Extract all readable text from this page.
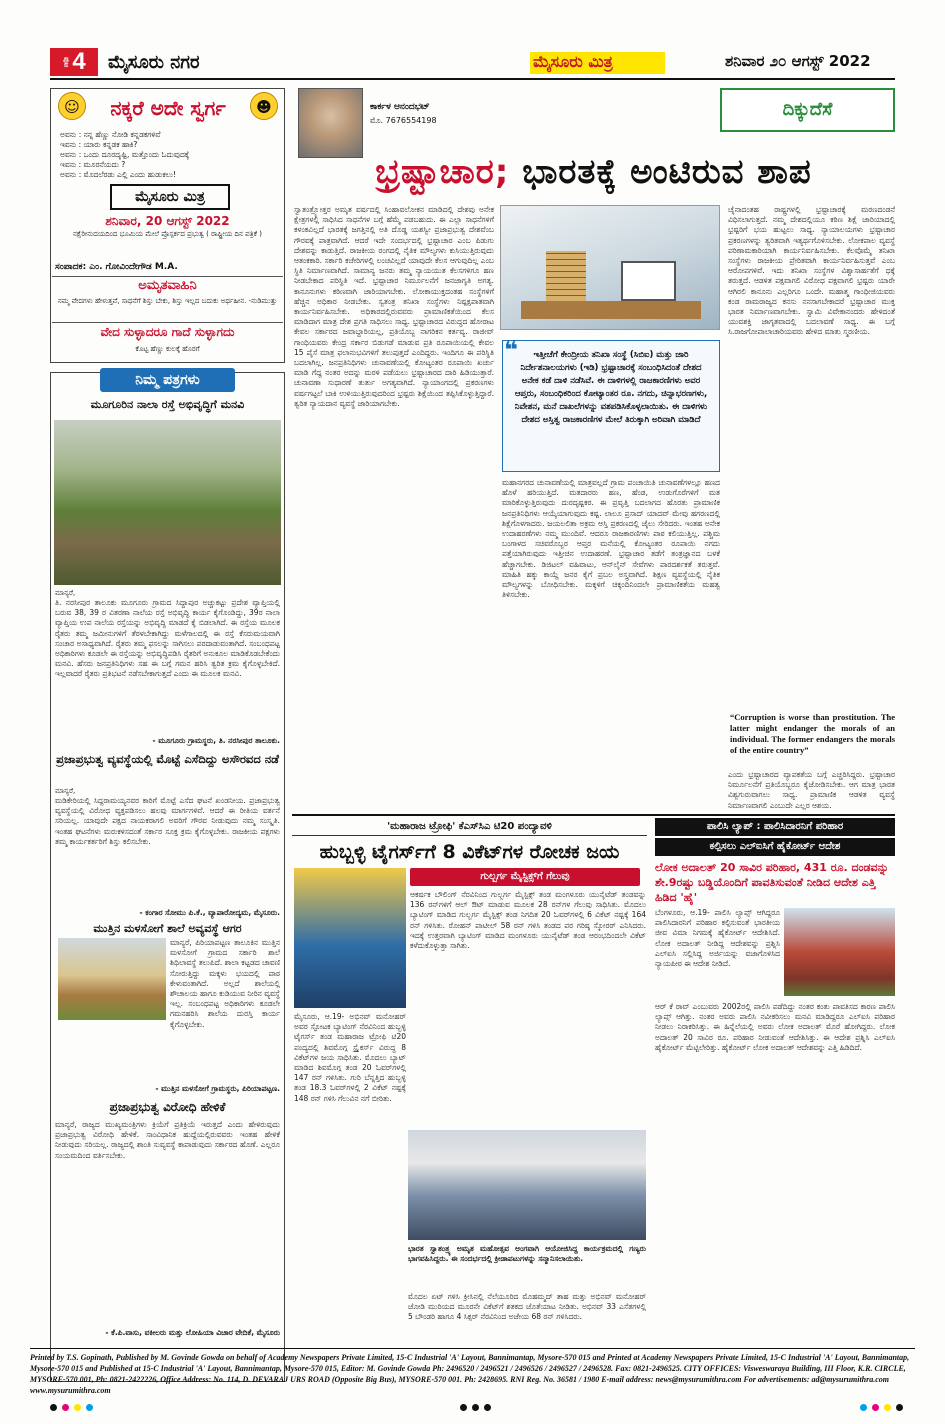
ಪುಟ 4 ಮೈಸೂರು ನಗರ	ಮೈಸೂರು ಮಿತ್ರ	ಶನಿವಾರ ೨೦ ಆಗಸ್ಟ್ 2022
☺	☻
ನಕ್ಕರೆ ಅದೇ ಸ್ವರ್ಗ
ಅವನು : ನನ್ನ ಹೆಣ್ಣು ನೋಡಿ ಕನ್ನಡಕಗಳಿವೆ
ಇವನು : ಯಾರು ಕನ್ನಡಕ ಹಾಕಿ?
ಅವನು : ಒಂದು ದೂರದೃಷ್ಟಿ, ಮತ್ತೊಂದು ಓದುವುದಕ್ಕೆ
ಇವನು : ಮೂರನೆಯದು ?
ಅವನು : ಮೊದಲೆರಡು ಎಲ್ಲಿ ಎಂದು ಹುಡುಕಲು!
ಮೈಸೂರು ಮಿತ್ರ
ಶನಿವಾರ, 20 ಆಗಸ್ಟ್ 2022
ನಕ್ಷೆರೀನುದಯದಿಂದ ಭೂಮಿಯ ಮೇಲೆ ಪ್ರೊಸ್ಪರ್ಕದ ಪ್ರಭುತ್ವ ( ರಾಷ್ಟ್ರೀಯ ದಿನ ಪತ್ರಿಕೆ )
ಸಂಪಾದಕ: ಎಂ. ಗೋವಿಂದೇಗೌಡ M.A.
ಅಮೃತವಾಹಿನಿ
ನಮ್ಮ ವೇದಗಳು ಹೇಳುತ್ತವೆ, ಸಾಧನೆಗೆ ಶಿಸ್ತು ಬೇಕು, ಶಿಸ್ತು ಇಲ್ಲದ ಬದುಕು ಅರ್ಥಹೀನ. -ನುಡಿಮುತ್ತು
ವೇದ ಸುಳ್ಳಾದರೂ ಗಾದೆ ಸುಳ್ಳಾಗದು
ಕೊಟ್ಟ ಹೆಣ್ಣು ಕುಲಕ್ಕೆ ಹೊರಗೆ
ನಿಮ್ಮ ಪತ್ರಗಳು
ಮೂಗೂರಿನ ನಾಲಾ ರಸ್ತೆ ಅಭಿವೃದ್ಧಿಗೆ ಮನವಿ
ಮಾನ್ಯರೆ,
ತಿ. ನರಸೀಪುರ ತಾಲೂಕು ಮೂಗೂರು ಗ್ರಾಮದ ಸಿದ್ದಾಪುರ ಅಚ್ಚುಕಟ್ಟು ಪ್ರದೇಶ ವ್ಯಾಪ್ತಿಯಲ್ಲಿ ಬರುವ 38, 39 ರ ವಿತರಣಾ ನಾಲೆಯ ರಸ್ತೆ ಅಭಿವೃದ್ಧಿ ಕಾರ್ಯ ಕೈಗೊಂಡಿದ್ದು, 39ರ ನಾಲಾ ವ್ಯಾಪ್ತಿಯ ಉಪ ನಾಲೆಯ ರಸ್ತೆಯನ್ನು ಅಭಿವೃದ್ಧಿ ಮಾಡದೆ ಕೈ ಬಿಡಲಾಗಿದೆ. ಈ ರಸ್ತೆಯ ಮೂಲಕ ರೈತರು ತಮ್ಮ ಜಮೀನುಗಳಿಗೆ ತೆರಳಬೇಕಾಗಿದ್ದು ಮಳೆಗಾಲದಲ್ಲಿ ಈ ರಸ್ತೆ ಕೆಸರುಮಯವಾಗಿ ಸಂಚಾರ ಅಸಾಧ್ಯವಾಗಿದೆ. ರೈತರು ತಮ್ಮ ಫಸಲನ್ನು ಸಾಗಿಸಲು ಪರದಾಡುವಂತಾಗಿದೆ. ಸಂಬಂಧಪಟ್ಟ ಅಧಿಕಾರಿಗಳು ಕೂಡಲೇ ಈ ರಸ್ತೆಯನ್ನು ಅಭಿವೃದ್ಧಿಪಡಿಸಿ ರೈತರಿಗೆ ಅನುಕೂಲ ಮಾಡಿಕೊಡಬೇಕೆಂದು ಮನವಿ. ಹೆಸರು ಜನಪ್ರತಿನಿಧಿಗಳು ಸಹ ಈ ಬಗ್ಗೆ ಗಮನ ಹರಿಸಿ ತ್ವರಿತ ಕ್ರಮ ಕೈಗೊಳ್ಳಬೇಕಿದೆ. ಇಲ್ಲವಾದರೆ ರೈತರು ಪ್ರತಿಭಟನೆ ನಡೆಸಬೇಕಾಗುತ್ತದೆ ಎಂದು ಈ ಮೂಲಕ ಮನವಿ.
- ಮೂಗೂರು ಗ್ರಾಮಸ್ಥರು, ತಿ. ನರಸೀಪುರ ತಾಲೂಕು.
ಪ್ರಜಾಪ್ರಭುತ್ವ ವ್ಯವಸ್ಥೆಯಲ್ಲಿ ಮೊಟ್ಟೆ ಎಸೆದಿದ್ದು ಅಸೌರವದ ನಡೆ
ಮಾನ್ಯರೆ,
ಮಡಿಕೇರಿಯಲ್ಲಿ ಸಿದ್ದರಾಮಯ್ಯನವರ ಕಾರಿಗೆ ಮೊಟ್ಟೆ ಎಸೆದ ಘಟನೆ ಖಂಡನೀಯ. ಪ್ರಜಾಪ್ರಭುತ್ವ ವ್ಯವಸ್ಥೆಯಲ್ಲಿ ವಿರೋಧ ವ್ಯಕ್ತಪಡಿಸಲು ಹಲವು ಮಾರ್ಗಗಳಿವೆ. ಆದರೆ ಈ ರೀತಿಯ ವರ್ತನೆ ಸರಿಯಲ್ಲ. ಯಾವುದೇ ಪಕ್ಷದ ನಾಯಕರಾಗಲಿ ಅವರಿಗೆ ಗೌರವ ನೀಡುವುದು ನಮ್ಮ ಸಂಸ್ಕೃತಿ. ಇಂತಹ ಘಟನೆಗಳು ಮರುಕಳಿಸದಂತೆ ಸರ್ಕಾರ ಸೂಕ್ತ ಕ್ರಮ ಕೈಗೊಳ್ಳಬೇಕು. ರಾಜಕೀಯ ಪಕ್ಷಗಳು ತಮ್ಮ ಕಾರ್ಯಕರ್ತರಿಗೆ ಶಿಸ್ತು ಕಲಿಸಬೇಕು.
- ಕಂಗಾರ ಸೋಮು ಪಿ.ಕೆ., ವ್ಯಾಪಾರೋದ್ಯಮ, ಮೈಸೂರು.
ಮುತ್ತಿನ ಮಳಸೋಗೆ ಶಾಲೆ ಅವ್ಯವಸ್ಥೆ ಆಗರ
ಮಾನ್ಯರೆ, ಪಿರಿಯಾಪಟ್ಟಣ ತಾಲೂಕಿನ ಮುತ್ತಿನ ಮಳಸೋಗೆ ಗ್ರಾಮದ ಸರ್ಕಾರಿ ಶಾಲೆ ಶಿಥಿಲಾವಸ್ಥೆ ತಲುಪಿದೆ. ಶಾಲಾ ಕಟ್ಟಡದ ಚಾವಣಿ ಸೋರುತ್ತಿದ್ದು ಮಕ್ಕಳು ಭಯದಲ್ಲಿ ಪಾಠ ಕೇಳುವಂತಾಗಿದೆ. ಅಲ್ಲದೆ ಶಾಲೆಯಲ್ಲಿ ಶೌಚಾಲಯ ಹಾಗೂ ಕುಡಿಯುವ ನೀರಿನ ವ್ಯವಸ್ಥೆ ಇಲ್ಲ. ಸಂಬಂಧಪಟ್ಟ ಅಧಿಕಾರಿಗಳು ಕೂಡಲೇ ಗಮನಹರಿಸಿ ಶಾಲೆಯ ದುರಸ್ತಿ ಕಾರ್ಯ ಕೈಗೊಳ್ಳಬೇಕು.
- ಮುತ್ತಿನ ಮಳಸೋಗೆ ಗ್ರಾಮಸ್ಥರು, ಪಿರಿಯಾಪಟ್ಟಣ.
ಪ್ರಜಾಪ್ರಭುತ್ವ ವಿರೋಧಿ ಹೇಳಿಕೆ
ಮಾನ್ಯರೆ, ರಾಜ್ಯದ ಮುಖ್ಯಮಂತ್ರಿಗಳು ಕ್ರಿಯೆಗೆ ಪ್ರತಿಕ್ರಿಯೆ ಇರುತ್ತದೆ ಎಂದು ಹೇಳಿರುವುದು ಪ್ರಜಾಪ್ರಭುತ್ವ ವಿರೋಧಿ ಹೇಳಿಕೆ. ಸಾಂವಿಧಾನಿಕ ಹುದ್ದೆಯಲ್ಲಿರುವವರು ಇಂತಹ ಹೇಳಿಕೆ ನೀಡುವುದು ಸರಿಯಲ್ಲ. ರಾಜ್ಯದಲ್ಲಿ ಶಾಂತಿ ಸುವ್ಯವಸ್ಥೆ ಕಾಪಾಡುವುದು ಸರ್ಕಾರದ ಹೊಣೆ. ಎಲ್ಲರೂ ಸಂಯಮದಿಂದ ವರ್ತಿಸಬೇಕು.
- ಕೆ.ಪಿ.ವಾಸು, ವಕೀಲರು ಮತ್ತು ಲೋಹಿಯಾ ವಿಚಾರ ವೇದಿಕೆ, ಮೈಸೂರು
ಕಾರ್ಕಳ ಆನಂದಭಟ್
ಮೊ. 7676554198
ದಿಕ್ಕುದೆಸೆ
ಭ್ರಷ್ಟಾಚಾರ; ಭಾರತಕ್ಕೆ ಅಂಟಿರುವ ಶಾಪ
ಸ್ವಾತಂತ್ರ್ಯೋತ್ತರ ಅಮೃತ ವರ್ಷದಲ್ಲಿ ಸಿಂಹಾವಲೋಕನ ಮಾಡಿದಲ್ಲಿ ದೇಶವು ಅನೇಕ ಕ್ಷೇತ್ರಗಳಲ್ಲಿ ಸಾಧಿಸಿದ ಸಾಧನೆಗಳ ಬಗ್ಗೆ ಹೆಮ್ಮೆ ಪಡಬಹುದು. ಈ ಎಲ್ಲಾ ಸಾಧನೆಗಳಿಗೆ ಕಳಂಕವಿಲ್ಲದೆ ಭಾರತಕ್ಕೆ ಜಗತ್ತಿನಲ್ಲಿ ಅತಿ ದೊಡ್ಡ ಯಶಸ್ವೀ ಪ್ರಜಾಪ್ರಭುತ್ವ ದೇಶವೆಂಬ ಗೌರವಕ್ಕೆ ಪಾತ್ರವಾಗಿದೆ. ಆದರೆ ಇದೇ ಸಂದರ್ಭದಲ್ಲಿ ಭ್ರಷ್ಟಾಚಾರ ಎಂಬ ಪಿಡುಗು ದೇಶವನ್ನು ಕಾಡುತ್ತಿದೆ. ರಾಜಕೀಯ ರಂಗದಲ್ಲಿ ನೈತಿಕ ಮೌಲ್ಯಗಳು ಕುಸಿಯುತ್ತಿರುವುದು ಆತಂಕಕಾರಿ. ಸರ್ಕಾರಿ ಕಚೇರಿಗಳಲ್ಲಿ ಲಂಚವಿಲ್ಲದೆ ಯಾವುದೇ ಕೆಲಸ ಆಗುವುದಿಲ್ಲ ಎಂಬ ಸ್ಥಿತಿ ನಿರ್ಮಾಣವಾಗಿದೆ. ಸಾಮಾನ್ಯ ಜನರು ತಮ್ಮ ನ್ಯಾಯಯುತ ಕೆಲಸಗಳಿಗೂ ಹಣ ನೀಡಬೇಕಾದ ಪರಿಸ್ಥಿತಿ ಇದೆ. ಭ್ರಷ್ಟಾಚಾರ ನಿರ್ಮೂಲನೆಗೆ ಜನಜಾಗೃತಿ ಅಗತ್ಯ. ಕಾನೂನುಗಳು ಕಠಿಣವಾಗಿ ಜಾರಿಯಾಗಬೇಕು. ಲೋಕಾಯುಕ್ತದಂತಹ ಸಂಸ್ಥೆಗಳಿಗೆ ಹೆಚ್ಚಿನ ಅಧಿಕಾರ ನೀಡಬೇಕು. ಸ್ವತಂತ್ರ ತನಿಖಾ ಸಂಸ್ಥೆಗಳು ನಿಷ್ಪಕ್ಷಪಾತವಾಗಿ ಕಾರ್ಯನಿರ್ವಹಿಸಬೇಕು. ಅಧಿಕಾರದಲ್ಲಿರುವವರು ಪ್ರಾಮಾಣಿಕತೆಯಿಂದ ಕೆಲಸ ಮಾಡಿದಾಗ ಮಾತ್ರ ದೇಶ ಪ್ರಗತಿ ಸಾಧಿಸಲು ಸಾಧ್ಯ. ಭ್ರಷ್ಟಾಚಾರದ ವಿರುದ್ಧದ ಹೋರಾಟ ಕೇವಲ ಸರ್ಕಾರದ ಜವಾಬ್ದಾರಿಯಲ್ಲ, ಪ್ರತಿಯೊಬ್ಬ ನಾಗರಿಕನ ಕರ್ತವ್ಯ. ರಾಜೀವ್ ಗಾಂಧಿಯವರು ಕೇಂದ್ರ ಸರ್ಕಾರ ಬಿಡುಗಡೆ ಮಾಡುವ ಪ್ರತಿ ರೂಪಾಯಿಯಲ್ಲಿ ಕೇವಲ 15 ಪೈಸೆ ಮಾತ್ರ ಫಲಾನುಭವಿಗಳಿಗೆ ತಲುಪುತ್ತದೆ ಎಂದಿದ್ದರು. ಇಂದಿಗೂ ಈ ಪರಿಸ್ಥಿತಿ ಬದಲಾಗಿಲ್ಲ. ಜನಪ್ರತಿನಿಧಿಗಳು ಚುನಾವಣೆಯಲ್ಲಿ ಕೋಟ್ಯಂತರ ರೂಪಾಯಿ ಖರ್ಚು ಮಾಡಿ ಗೆದ್ದ ನಂತರ ಅದನ್ನು ಮರಳಿ ಪಡೆಯಲು ಭ್ರಷ್ಟಾಚಾರದ ದಾರಿ ಹಿಡಿಯುತ್ತಾರೆ. ಚುನಾವಣಾ ಸುಧಾರಣೆ ತುರ್ತು ಅಗತ್ಯವಾಗಿದೆ. ನ್ಯಾಯಾಂಗದಲ್ಲಿ ಪ್ರಕರಣಗಳು ವರ್ಷಗಟ್ಟಲೆ ಬಾಕಿ ಉಳಿಯುತ್ತಿರುವುದರಿಂದ ಭ್ರಷ್ಟರು ಶಿಕ್ಷೆಯಿಂದ ತಪ್ಪಿಸಿಕೊಳ್ಳುತ್ತಿದ್ದಾರೆ. ತ್ವರಿತ ನ್ಯಾಯದಾನ ವ್ಯವಸ್ಥೆ ಜಾರಿಯಾಗಬೇಕು.
ಇತ್ತೀಚೆಗೆ ಕೇಂದ್ರೀಯ ತನಿಖಾ ಸಂಸ್ಥೆ (ಸಿಬಿಐ) ಮತ್ತು ಜಾರಿ ನಿರ್ದೇಶನಾಲಯಗಳು (ಇಡಿ) ಭ್ರಷ್ಟಾಚಾರಕ್ಕೆ ಸಂಬಂಧಿಸಿದಂತೆ ದೇಶದ ಅನೇಕ ಕಡೆ ದಾಳಿ ನಡೆಸಿವೆ. ಈ ದಾಳಿಗಳಲ್ಲಿ ರಾಜಕಾರಣಿಗಳು ಅವರ ಆಪ್ತರು, ಸಂಬಂಧಿಕರಿಂದ ಕೋಟ್ಯಾಂತರ ರೂ. ನಗದು, ಚಿನ್ನಾಭರಣಗಳು, ನಿವೇಶನ, ಮನೆ ದಾಖಲೆಗಳನ್ನು ವಶಪಡಿಸಿಕೊಳ್ಳಲಾಯಿತು. ಈ ದಾಳಿಗಳು ದೇಶದ ಅಸ್ತಿತ್ವ ರಾಜಕಾರಣಿಗಳ ಮೇಲೆ ತಿರುಕ್ಕಾಗಿ ಅರಿವಾಗಿ ಮಾಡಿದೆ
❝
ಮಹಾನಗರದ ಚುನಾವಣೆಯಲ್ಲಿ ಮಾತ್ರವಲ್ಲದೆ ಗ್ರಾಮ ಪಂಚಾಯಿತಿ ಚುನಾವಣೆಗಳಲ್ಲೂ ಹಣದ ಹೊಳೆ ಹರಿಯುತ್ತಿದೆ. ಮತದಾರರು ಹಣ, ಹೆಂಡ, ಉಡುಗೊರೆಗಳಿಗೆ ಮತ ಮಾರಿಕೊಳ್ಳುತ್ತಿರುವುದು ದುರದೃಷ್ಟಕರ. ಈ ಪ್ರವೃತ್ತಿ ಬದಲಾಗದ ಹೊರತು ಪ್ರಾಮಾಣಿಕ ಜನಪ್ರತಿನಿಧಿಗಳು ಆಯ್ಕೆಯಾಗುವುದು ಕಷ್ಟ. ಲಾಲೂ ಪ್ರಸಾದ್ ಯಾದವ್ ಮೇವು ಹಗರಣದಲ್ಲಿ ಶಿಕ್ಷೆಗೊಳಗಾದರು. ಜಯಲಲಿತಾ ಅಕ್ರಮ ಆಸ್ತಿ ಪ್ರಕರಣದಲ್ಲಿ ಜೈಲು ಸೇರಿದರು. ಇಂತಹ ಅನೇಕ ಉದಾಹರಣೆಗಳು ನಮ್ಮ ಮುಂದಿವೆ. ಆದರೂ ರಾಜಕಾರಣಿಗಳು ಪಾಠ ಕಲಿಯುತ್ತಿಲ್ಲ. ಪಶ್ಚಿಮ ಬಂಗಾಳದ ಸಚಿವರೊಬ್ಬರ ಆಪ್ತರ ಮನೆಯಲ್ಲಿ ಕೋಟ್ಯಂತರ ರೂಪಾಯಿ ನಗದು ಪತ್ತೆಯಾಗಿರುವುದು ಇತ್ತೀಚಿನ ಉದಾಹರಣೆ. ಭ್ರಷ್ಟಾಚಾರ ತಡೆಗೆ ತಂತ್ರಜ್ಞಾನದ ಬಳಕೆ ಹೆಚ್ಚಾಗಬೇಕು. ಡಿಜಿಟಲ್ ವಹಿವಾಟು, ಆನ್‌ಲೈನ್ ಸೇವೆಗಳು ಪಾರದರ್ಶಕತೆ ತರುತ್ತವೆ. ಮಾಹಿತಿ ಹಕ್ಕು ಕಾಯ್ದೆ ಜನರ ಕೈಗೆ ಪ್ರಬಲ ಅಸ್ತ್ರವಾಗಿದೆ. ಶಿಕ್ಷಣ ವ್ಯವಸ್ಥೆಯಲ್ಲಿ ನೈತಿಕ ಮೌಲ್ಯಗಳನ್ನು ಬೋಧಿಸಬೇಕು. ಮಕ್ಕಳಿಗೆ ಚಿಕ್ಕಂದಿನಿಂದಲೇ ಪ್ರಾಮಾಣಿಕತೆಯ ಮಹತ್ವ ತಿಳಿಸಬೇಕು.
ಚೈನಾದಂತಹ ರಾಷ್ಟ್ರಗಳಲ್ಲಿ ಭ್ರಷ್ಟಾಚಾರಕ್ಕೆ ಮರಣದಂಡನೆ ವಿಧಿಸಲಾಗುತ್ತದೆ. ನಮ್ಮ ದೇಶದಲ್ಲಿಯೂ ಕಠಿಣ ಶಿಕ್ಷೆ ಜಾರಿಯಾದಲ್ಲಿ ಭ್ರಷ್ಟರಿಗೆ ಭಯ ಹುಟ್ಟಲು ಸಾಧ್ಯ. ನ್ಯಾಯಾಲಯಗಳು ಭ್ರಷ್ಟಾಚಾರ ಪ್ರಕರಣಗಳನ್ನು ತ್ವರಿತವಾಗಿ ಇತ್ಯರ್ಥಗೊಳಿಸಬೇಕು. ಲೋಕಪಾಲ ವ್ಯವಸ್ಥೆ ಪರಿಣಾಮಕಾರಿಯಾಗಿ ಕಾರ್ಯನಿರ್ವಹಿಸಬೇಕು. ಕೆಲವೊಮ್ಮೆ ತನಿಖಾ ಸಂಸ್ಥೆಗಳು ರಾಜಕೀಯ ಪ್ರೇರಿತವಾಗಿ ಕಾರ್ಯನಿರ್ವಹಿಸುತ್ತವೆ ಎಂಬ ಆರೋಪಗಳಿವೆ. ಇದು ತನಿಖಾ ಸಂಸ್ಥೆಗಳ ವಿಶ್ವಾಸಾರ್ಹತೆಗೆ ಧಕ್ಕೆ ತರುತ್ತದೆ. ಆಡಳಿತ ಪಕ್ಷವಾಗಲಿ ವಿರೋಧ ಪಕ್ಷವಾಗಲಿ ಭ್ರಷ್ಟರು ಯಾರೇ ಆಗಿರಲಿ ಕಾನೂನು ಎಲ್ಲರಿಗೂ ಒಂದೇ. ಮಹಾತ್ಮ ಗಾಂಧೀಜಿಯವರು ಕಂಡ ರಾಮರಾಜ್ಯದ ಕನಸು ನನಸಾಗಬೇಕಾದರೆ ಭ್ರಷ್ಟಾಚಾರ ಮುಕ್ತ ಭಾರತ ನಿರ್ಮಾಣವಾಗಬೇಕು. ಸ್ವಾಮಿ ವಿವೇಕಾನಂದರು ಹೇಳಿದಂತೆ ಯುವಶಕ್ತಿ ಜಾಗೃತವಾದಲ್ಲಿ ಬದಲಾವಣೆ ಸಾಧ್ಯ. ಈ ಬಗ್ಗೆ ಸಿ.ರಾಜಗೋಪಾಲಾಚಾರಿಯವರು ಹೇಳಿದ ಮಾತು ಸ್ಮರಣೀಯ.
“Corruption is worse than prostitution. The latter might endanger the morals of an individual. The former endangers the morals of the entire country”
ಎಂದು ಭ್ರಷ್ಟಾಚಾರದ ವ್ಯಾಪಕತೆಯ ಬಗ್ಗೆ ಎಚ್ಚರಿಸಿದ್ದರು. ಭ್ರಷ್ಟಾಚಾರ ನಿರ್ಮೂಲನೆಗೆ ಪ್ರತಿಯೊಬ್ಬರೂ ಕೈಜೋಡಿಸಬೇಕು. ಆಗ ಮಾತ್ರ ಭಾರತ ವಿಶ್ವಗುರುವಾಗಲು ಸಾಧ್ಯ. ಪ್ರಾಮಾಣಿಕ ಆಡಳಿತ ವ್ಯವಸ್ಥೆ ನಿರ್ಮಾಣವಾಗಲಿ ಎಂಬುದೇ ಎಲ್ಲರ ಆಶಯ.
'ಮಹಾರಾಜ ಟ್ರೋಫಿ' ಕೆಎಸ್‌ಸಿಎ ಟಿ20 ಪಂದ್ಯಾವಳಿ
ಹುಬ್ಬಳ್ಳಿ ಟೈಗರ್ಸ್‌ಗೆ 8 ವಿಕೆಟ್‌ಗಳ ರೋಚಕ ಜಯ
ಗುಲ್ಬರ್ಗ ಮೈಸ್ಟಿಕ್ಸ್‌ಗೆ ಗೆಲುವು
ಆಕರ್ಷಕ ಬೌಲಿಂಗ್ ನೆರವಿನಿಂದ ಗುಲ್ಬರ್ಗ ಮೈಸ್ಟಿಕ್ಸ್ ತಂಡ ಮಂಗಳೂರು ಯುನೈಟೆಡ್ ತಂಡವನ್ನು 136 ರನ್‌ಗಳಿಗೆ ಆಲ್ ಔಟ್ ಮಾಡುವ ಮೂಲಕ 28 ರನ್‌ಗಳ ಗೆಲುವು ಸಾಧಿಸಿತು. ಮೊದಲು ಬ್ಯಾಟಿಂಗ್ ಮಾಡಿದ ಗುಲ್ಬರ್ಗ ಮೈಸ್ಟಿಕ್ಸ್ ತಂಡ ನಿಗದಿತ 20 ಓವರ್‌ಗಳಲ್ಲಿ 6 ವಿಕೆಟ್ ನಷ್ಟಕ್ಕೆ 164 ರನ್ ಗಳಿಸಿತು. ರೋಹನ್ ಪಾಟೀಲ್ 58 ರನ್ ಗಳಿಸಿ ತಂಡದ ಪರ ಗರಿಷ್ಠ ಸ್ಕೋರರ್ ಎನಿಸಿದರು. ಇದಕ್ಕೆ ಉತ್ತರವಾಗಿ ಬ್ಯಾಟಿಂಗ್ ಮಾಡಿದ ಮಂಗಳೂರು ಯುನೈಟೆಡ್ ತಂಡ ಆರಂಭದಿಂದಲೇ ವಿಕೆಟ್ ಕಳೆದುಕೊಳ್ಳುತ್ತಾ ಸಾಗಿತು.
ಮೈಸೂರು, ಆ.19- ಅಭಿನವ್ ಮನೋಹರ್ ಅವರ ಸ್ಫೋಟಕ ಬ್ಯಾಟಿಂಗ್ ನೆರವಿನಿಂದ ಹುಬ್ಬಳ್ಳಿ ಟೈಗರ್ಸ್ ತಂಡ ಮಹಾರಾಜ ಟ್ರೋಫಿ ಟಿ20 ಪಂದ್ಯದಲ್ಲಿ ಶಿವಮೊಗ್ಗ ಸ್ಟ್ರೈಕರ್ಸ್ ವಿರುದ್ಧ 8 ವಿಕೆಟ್‌ಗಳ ಜಯ ಸಾಧಿಸಿತು. ಮೊದಲು ಬ್ಯಾಟ್ ಮಾಡಿದ ಶಿವಮೊಗ್ಗ ತಂಡ 20 ಓವರ್‌ಗಳಲ್ಲಿ 147 ರನ್ ಗಳಿಸಿತು. ಗುರಿ ಬೆನ್ನತ್ತಿದ ಹುಬ್ಬಳ್ಳಿ ತಂಡ 18.3 ಓವರ್‌ಗಳಲ್ಲಿ 2 ವಿಕೆಟ್ ನಷ್ಟಕ್ಕೆ 148 ರನ್ ಗಳಿಸಿ ಗೆಲುವಿನ ನಗೆ ಬೀರಿತು.
ಭಾರತ ಸ್ವಾತಂತ್ರ್ಯ ಅಮೃತ ಮಹೋತ್ಸವ ಅಂಗವಾಗಿ ಆಯೋಜಿಸಿದ್ದ ಕಾರ್ಯಕ್ರಮದಲ್ಲಿ ಗಣ್ಯರು ಭಾಗವಹಿಸಿದ್ದರು. ಈ ಸಂದರ್ಭದಲ್ಲಿ ಕ್ರೀಡಾಪಟುಗಳನ್ನು ಸನ್ಮಾನಿಸಲಾಯಿತು.
ಮೊದಲ ಏಟ್ ಗಳಿಸಿ ಕ್ರೀಸಿನಲ್ಲಿ ನೆಲೆಯೂರಿದ ಮೊಹಮ್ಮದ್ ತಾಹ ಮತ್ತು ಅಭಿನವ್ ಮನೋಹರ್ ಜೋಡಿ ಮುರಿಯದ ಮೂರನೇ ವಿಕೆಟ್‌ಗೆ ಶತಕದ ಜೊತೆಯಾಟ ನೀಡಿತು. ಅಭಿನವ್ 33 ಎಸೆತಗಳಲ್ಲಿ 5 ಬೌಂಡರಿ ಹಾಗೂ 4 ಸಿಕ್ಸರ್ ನೆರವಿನಿಂದ ಅಜೇಯ 68 ರನ್ ಗಳಿಸಿದರು.
ಪಾಲಿಸಿ ಲ್ಯಾಪ್ : ಪಾಲಿಸಿದಾರನಿಗೆ ಪರಿಹಾರ
ಕಲ್ಪಿಸಲು ಎಲ್ಐಸಿಗೆ ಹೈಕೋರ್ಟ್ ಆದೇಶ
ಲೋಕ ಅದಾಲತ್ 20 ಸಾವಿರ ಪರಿಹಾರ, 431 ರೂ. ದಂಡವನ್ನು ಶೇ.9ರಷ್ಟು ಬಡ್ಡಿಯೊಂದಿಗೆ ಪಾವತಿಸುವಂತೆ ನೀಡಿದ ಆದೇಶ ಎತ್ತಿ ಹಿಡಿದ 'ಹೈ'
ಬೆಂಗಳೂರು, ಆ.19- ಪಾಲಿಸಿ ಲ್ಯಾಪ್ಸ್ ಆಗಿದ್ದರೂ ಪಾಲಿಸಿದಾರನಿಗೆ ಪರಿಹಾರ ಕಲ್ಪಿಸುವಂತೆ ಭಾರತೀಯ ಜೀವ ವಿಮಾ ನಿಗಮಕ್ಕೆ ಹೈಕೋರ್ಟ್ ಆದೇಶಿಸಿದೆ. ಲೋಕ ಅದಾಲತ್ ನೀಡಿದ್ದ ಆದೇಶವನ್ನು ಪ್ರಶ್ನಿಸಿ ಎಲ್ಐಸಿ ಸಲ್ಲಿಸಿದ್ದ ಅರ್ಜಿಯನ್ನು ವಜಾಗೊಳಿಸಿದ ನ್ಯಾಯಪೀಠ ಈ ಆದೇಶ ನೀಡಿದೆ.
ಆರ್ ಕೆ ರಾವ್ ಎಂಬುವರು 2002ರಲ್ಲಿ ಪಾಲಿಸಿ ಪಡೆದಿದ್ದು ನಂತರ ಕಂತು ಪಾವತಿಸದ ಕಾರಣ ಪಾಲಿಸಿ ಲ್ಯಾಪ್ಸ್ ಆಗಿತ್ತು. ನಂತರ ಅವರು ಪಾಲಿಸಿ ನವೀಕರಿಸಲು ಮನವಿ ಮಾಡಿದ್ದರೂ ಎಲ್ಐಸಿ ಪರಿಹಾರ ನೀಡಲು ನಿರಾಕರಿಸಿತ್ತು. ಈ ಹಿನ್ನೆಲೆಯಲ್ಲಿ ಅವರು ಲೋಕ ಅದಾಲತ್ ಮೊರೆ ಹೋಗಿದ್ದರು. ಲೋಕ ಅದಾಲತ್ 20 ಸಾವಿರ ರೂ. ಪರಿಹಾರ ನೀಡುವಂತೆ ಆದೇಶಿಸಿತ್ತು. ಈ ಆದೇಶ ಪ್ರಶ್ನಿಸಿ ಎಲ್ಐಸಿ ಹೈಕೋರ್ಟ್ ಮೆಟ್ಟಿಲೇರಿತ್ತು. ಹೈಕೋರ್ಟ್ ಲೋಕ ಅದಾಲತ್ ಆದೇಶವನ್ನು ಎತ್ತಿ ಹಿಡಿದಿದೆ.
Printed by T.S. Gopinath, Published by M. Govinde Gowda on behalf of Academy Newspapers Private Limited, 15-C Industrial 'A' Layout, Bannimantap, Mysore-570 015 and Printed at Academy Newspapers Private Limited, 15-C Industrial 'A' Layout, Bannimantap, Mysore-570 015 and Published at 15-C Industrial 'A' Layout, Bannimantap, Mysore-570 015, Editor: M. Govinde Gowda Ph: 2496520 / 2496521 / 2496526 / 2496527 / 2496528. Fax: 0821-2496525. CITY OFFICES: Visweswaraya Building, III Floor, K.R. CIRCLE, MYSORE-570 001, Ph: 0821-2422226, Office Address: No. 114, D. DEVARAJ URS ROAD (Opposite Big Bus), MYSORE-570 001. Ph: 2428695. RNI Reg. No. 36581 / 1980 E-mail address: news@mysurumithra.com For advertisements: ad@mysurumithra.com www.mysurumithra.com
